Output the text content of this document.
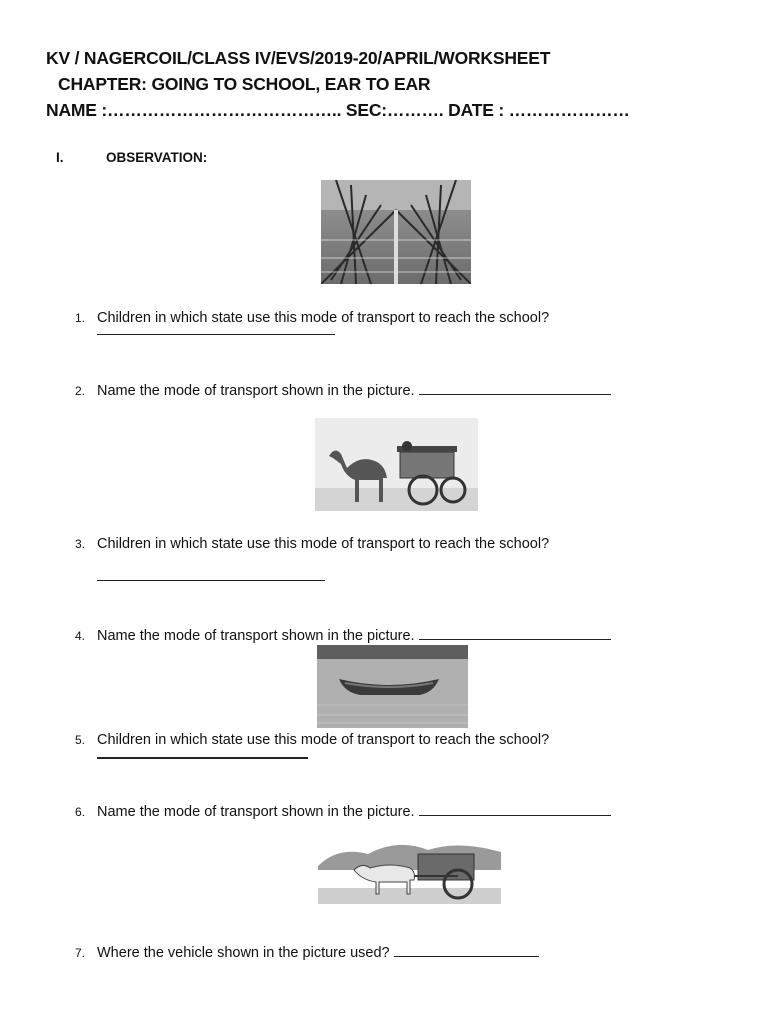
KV / NAGERCOIL/CLASS IV/EVS/2019-20/APRIL/WORKSHEET
CHAPTER: GOING TO SCHOOL, EAR TO EAR
NAME :………………………………….. SEC:………. DATE : …………………
I.	OBSERVATION:
1. Children in which state use this mode of transport to reach the school?
2. Name the mode of transport shown in the picture.
3. Children in which state use this mode of transport to reach the school?
4. Name the mode of transport shown in the picture.
5. Children in which state use this mode of transport to reach the school?
6. Name the mode of transport shown in the picture.
7. Where the vehicle shown in the picture used?
